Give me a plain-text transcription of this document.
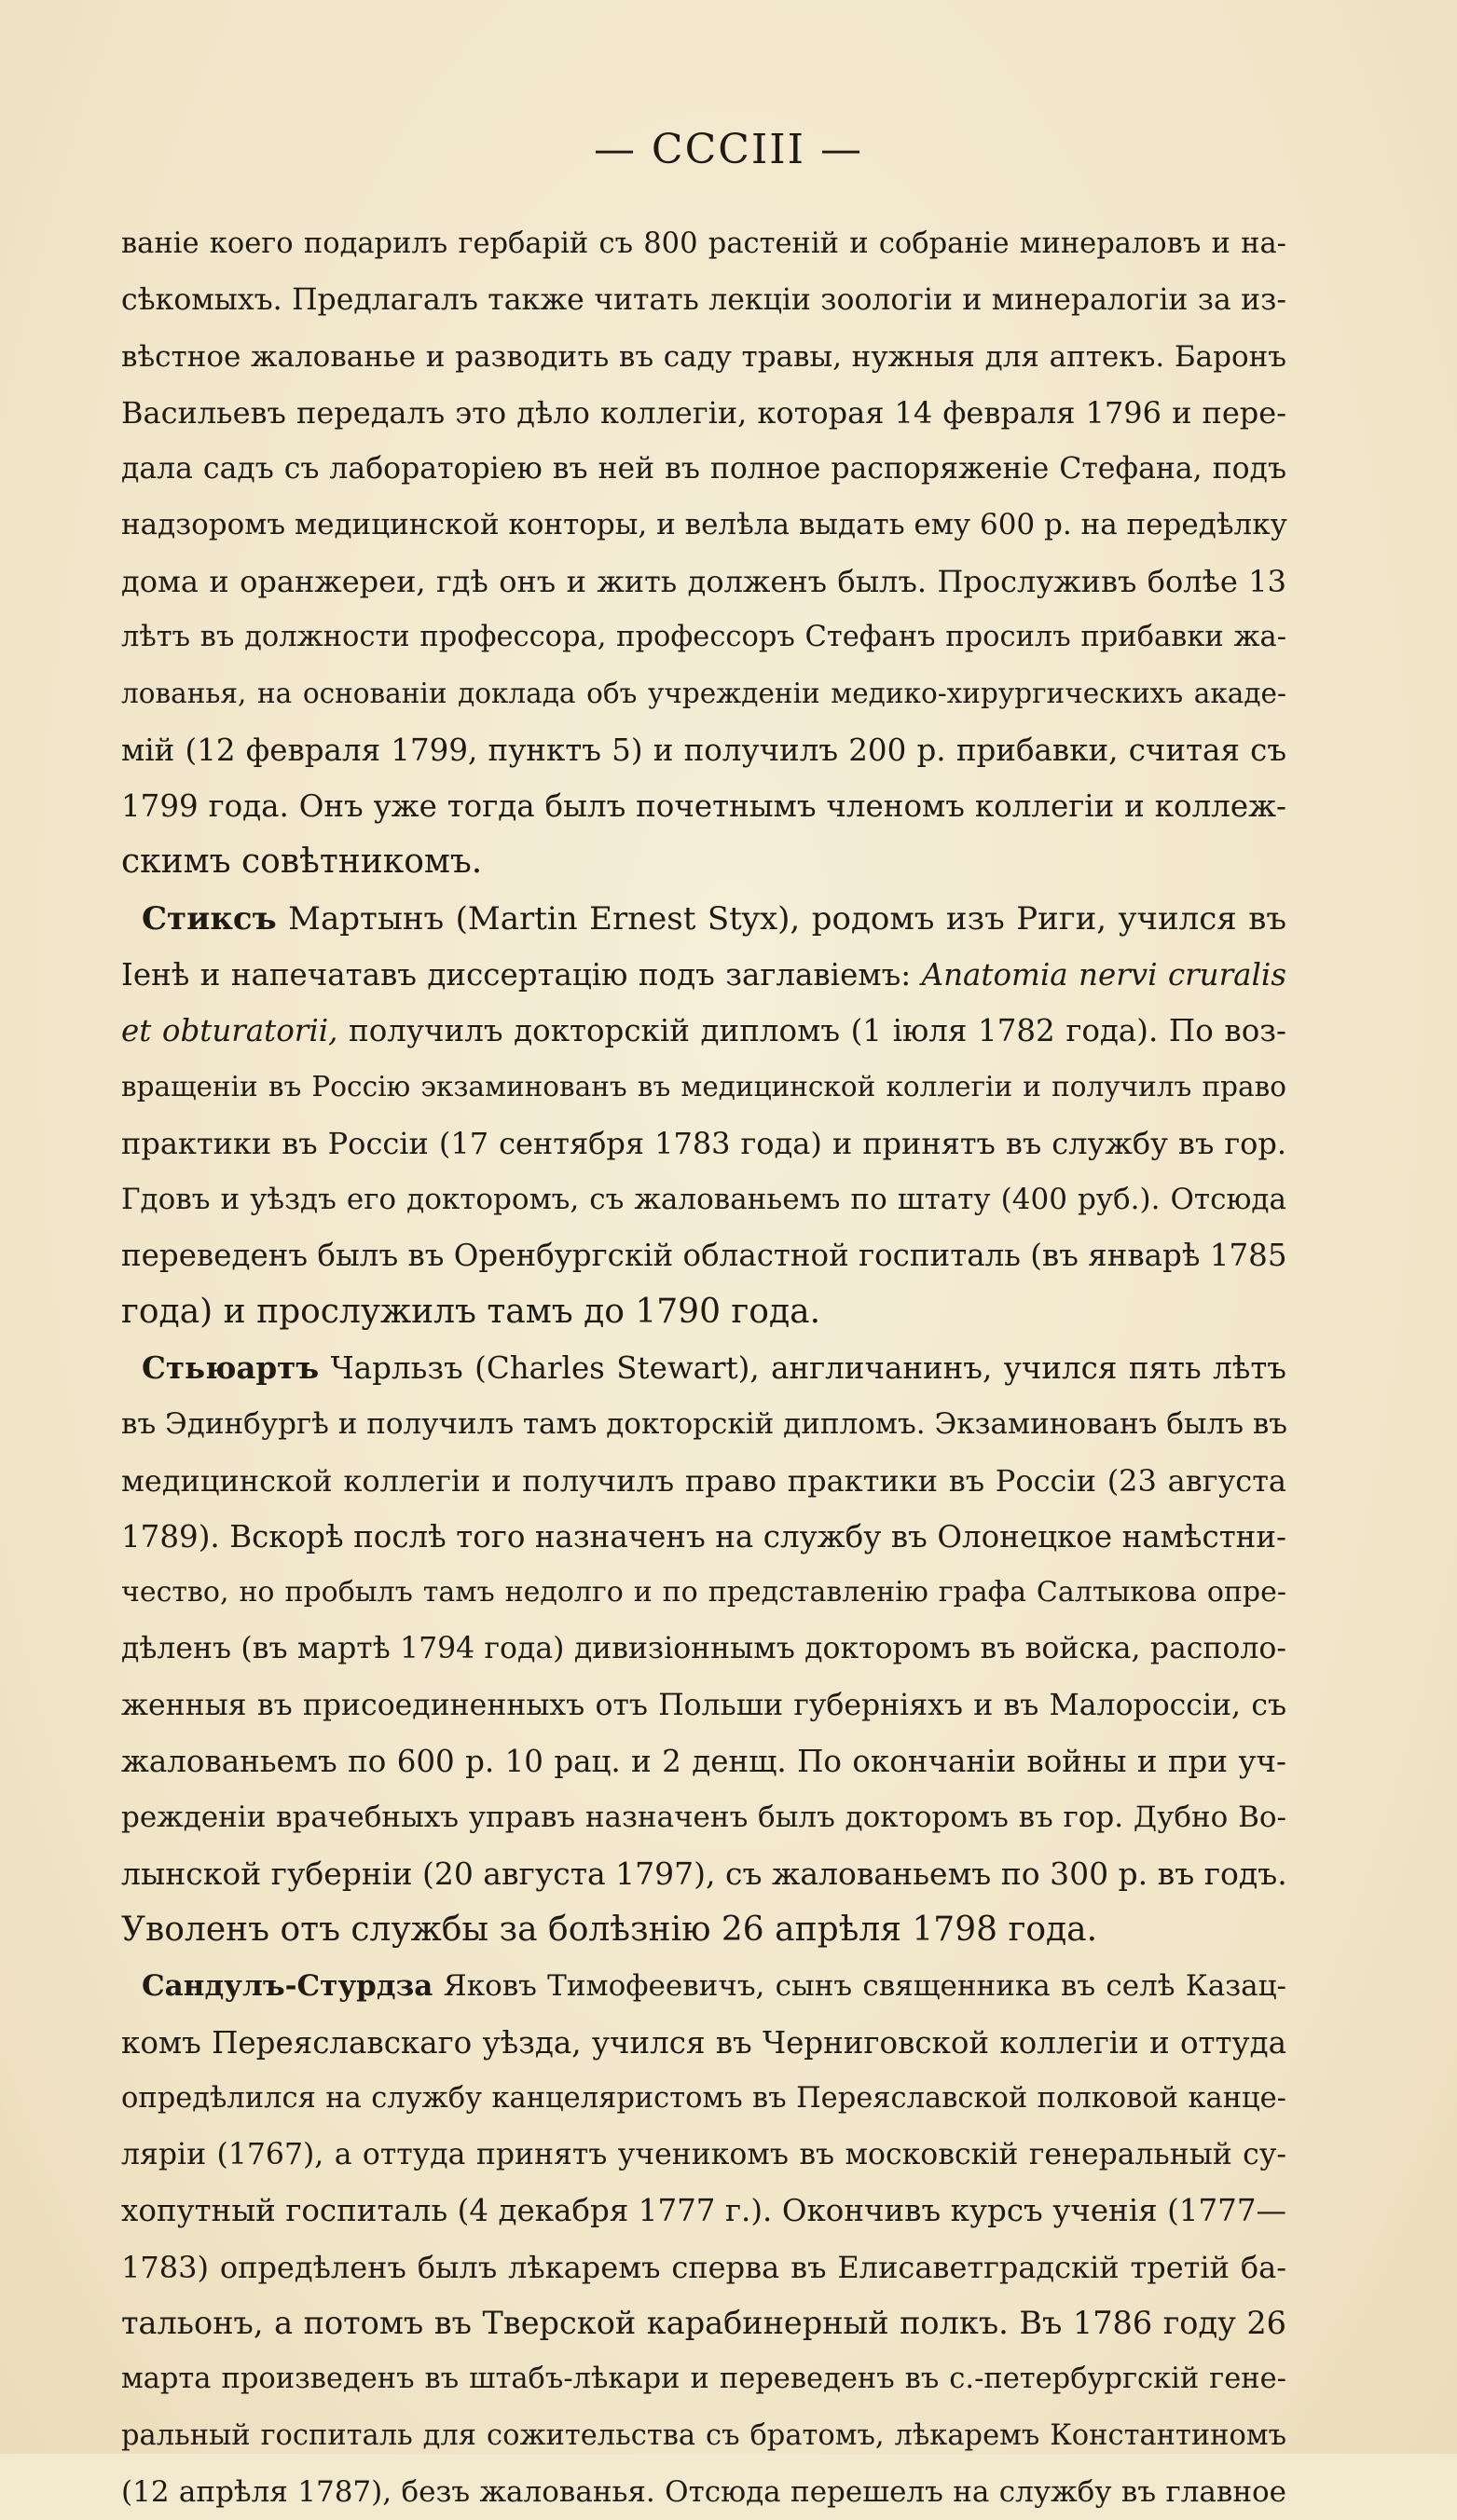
— CCCIII —
ваніе коего подарилъ гербарій съ 800 растеній и собраніе минераловъ и на-
сѣкомыхъ. Предлагалъ также читать лекціи зоологіи и минералогіи за из-
вѣстное жалованье и разводить въ саду травы, нужныя для аптекъ. Баронъ
Васильевъ передалъ это дѣло коллегіи, которая 14 февраля 1796 и пере-
дала садъ съ лабораторіею въ ней въ полное распоряженіе Стефана, подъ
надзоромъ медицинской конторы, и велѣла выдать ему 600 р. на передѣлку
дома и оранжереи, гдѣ онъ и жить долженъ былъ. Прослуживъ болѣе 13
лѣтъ въ должности профессора, профессоръ Стефанъ просилъ прибавки жа-
лованья, на основаніи доклада объ учрежденіи медико-хирургическихъ акаде-
мій (12 февраля 1799, пунктъ 5) и получилъ 200 р. прибавки, считая съ
1799 года. Онъ уже тогда былъ почетнымъ членомъ коллегіи и коллеж-
скимъ совѣтникомъ.
Стиксъ Мартынъ (Martin Ernest Styx), родомъ изъ Риги, учился въ
Іенѣ и напечатавъ диссертацію подъ заглавіемъ: Anatomia nervi cruralis
et obturatorii, получилъ докторскій дипломъ (1 іюля 1782 года). По воз-
вращеніи въ Россію экзаминованъ въ медицинской коллегіи и получилъ право
практики въ Россіи (17 сентября 1783 года) и принятъ въ службу въ гор.
Гдовъ и уѣздъ его докторомъ, съ жалованьемъ по штату (400 руб.). Отсюда
переведенъ былъ въ Оренбургскій областной госпиталь (въ январѣ 1785
года) и прослужилъ тамъ до 1790 года.
Стьюартъ Чарльзъ (Charles Stewart), англичанинъ, учился пять лѣтъ
въ Эдинбургѣ и получилъ тамъ докторскій дипломъ. Экзаминованъ былъ въ
медицинской коллегіи и получилъ право практики въ Россіи (23 августа
1789). Вскорѣ послѣ того назначенъ на службу въ Олонецкое намѣстни-
чество, но пробылъ тамъ недолго и по представленію графа Салтыкова опре-
дѣленъ (въ мартѣ 1794 года) дивизіоннымъ докторомъ въ войска, располо-
женныя въ присоединенныхъ отъ Польши губерніяхъ и въ Малороссіи, съ
жалованьемъ по 600 р. 10 рац. и 2 денщ. По окончаніи войны и при уч-
режденіи врачебныхъ управъ назначенъ былъ докторомъ въ гор. Дубно Во-
лынской губерніи (20 августа 1797), съ жалованьемъ по 300 р. въ годъ.
Уволенъ отъ службы за болѣзнію 26 апрѣля 1798 года.
Сандулъ-Стурдза Яковъ Тимофеевичъ, сынъ священника въ селѣ Казац-
комъ Переяславскаго уѣзда, учился въ Черниговской коллегіи и оттуда
опредѣлился на службу канцеляристомъ въ Переяславской полковой канце-
ляріи (1767), а оттуда принятъ ученикомъ въ московскій генеральный су-
хопутный госпиталь (4 декабря 1777 г.). Окончивъ курсъ ученія (1777—
1783) опредѣленъ былъ лѣкаремъ сперва въ Елисаветградскій третій ба-
тальонъ, а потомъ въ Тверской карабинерный полкъ. Въ 1786 году 26
марта произведенъ въ штабъ-лѣкари и переведенъ въ с.-петербургскій гене-
ральный госпиталь для сожительства съ братомъ, лѣкаремъ Константиномъ
(12 апрѣля 1787), безъ жалованья. Отсюда перешелъ на службу въ главное
